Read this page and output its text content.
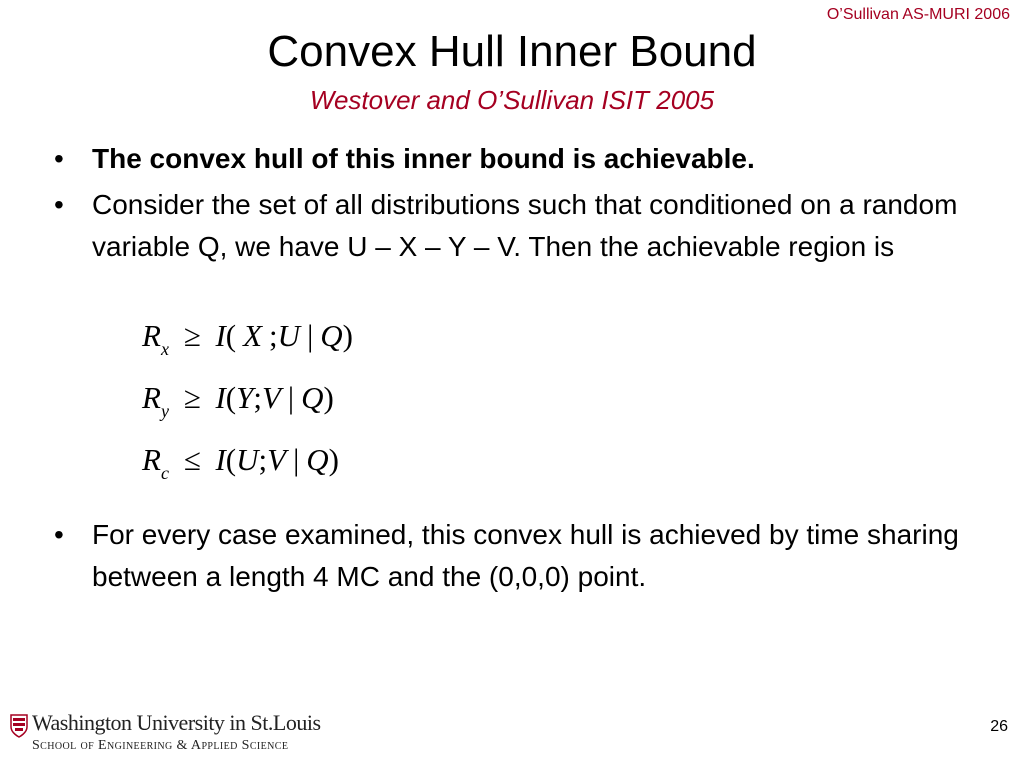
O’Sullivan AS-MURI 2006
Convex Hull Inner Bound
Westover and O’Sullivan ISIT 2005
• The convex hull of this inner bound is achievable.
• Consider the set of all distributions such that conditioned on a random variable Q, we have U – X – Y – V. Then the achievable region is
$R_x \ge I$( X ;U | Q)
$R_y$ ≥ I(Y;V | Q)
$R_c$ ≤ I(U;V | Q)
• For every case examined, this convex hull is achieved by time sharing between a length 4 MC and the (0,0,0) point.
Washington University in St.Louis
School of Engineering & Applied Science
26
